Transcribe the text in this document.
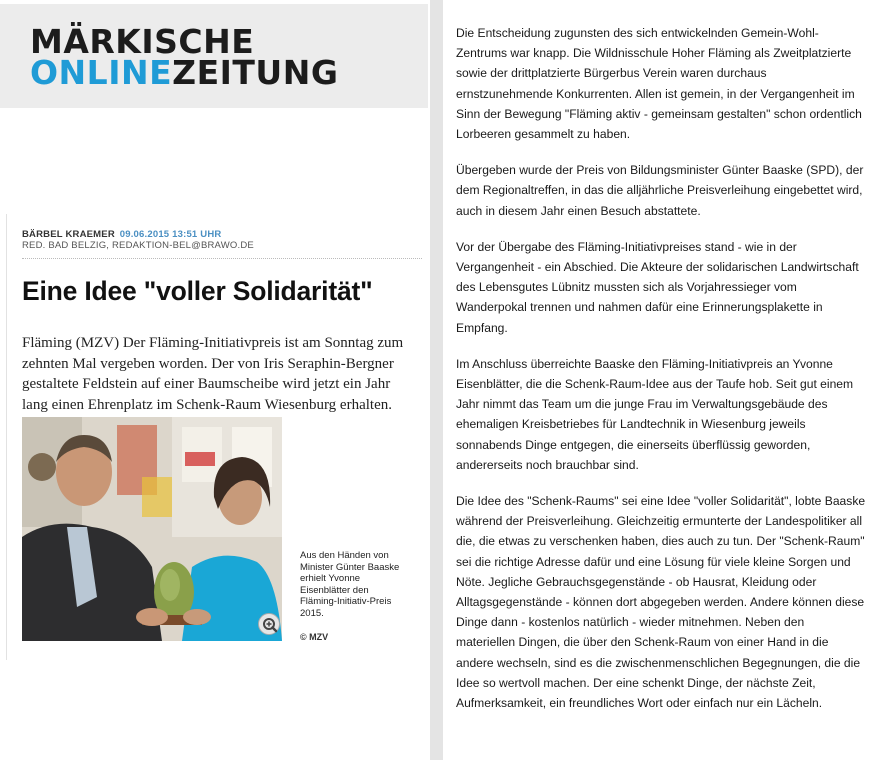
MÄRKISCHE
ONLINEZEITUNG
BÄRBEL KRAEMER 09.06.2015 13:51 UHR
RED. BAD BELZIG, REDAKTION-BEL@BRAWO.DE
Eine Idee "voller Solidarität"
Fläming (MZV) Der Fläming-Initiativpreis ist am Sonntag zum zehnten Mal vergeben worden. Der von Iris Seraphin-Bergner gestaltete Feldstein auf einer Baumscheibe wird jetzt ein Jahr lang einen Ehrenplatz im Schenk-Raum Wiesenburg erhalten.
Aus den Händen von Minister Günter Baaske erhielt Yvonne Eisenblätter den Fläming-Initiativ-Preis 2015.
© MZV

Die Entscheidung zugunsten des sich entwickelnden Gemein-Wohl-Zentrums war knapp. Die Wildnisschule Hoher Fläming als Zweitplatzierte sowie der drittplatzierte Bürgerbus Verein waren durchaus ernstzunehmende Konkurrenten. Allen ist gemein, in der Vergangenheit im Sinn der Bewegung "Fläming aktiv - gemeinsam gestalten" schon ordentlich Lorbeeren gesammelt zu haben.

Übergeben wurde der Preis von Bildungsminister Günter Baaske (SPD), der dem Regionaltreffen, in das die alljährliche Preisverleihung eingebettet wird, auch in diesem Jahr einen Besuch abstattete.

Vor der Übergabe des Fläming-Initiativpreises stand - wie in der Vergangenheit - ein Abschied. Die Akteure der solidarischen Landwirtschaft des Lebensgutes Lübnitz mussten sich als Vorjahressieger vom Wanderpokal trennen und nahmen dafür eine Erinnerungsplakette in Empfang.

Im Anschluss überreichte Baaske den Fläming-Initiativpreis an Yvonne Eisenblätter, die die Schenk-Raum-Idee aus der Taufe hob. Seit gut einem Jahr nimmt das Team um die junge Frau im Verwaltungsgebäude des ehemaligen Kreisbetriebes für Landtechnik in Wiesenburg jeweils sonnabends Dinge entgegen, die einerseits überflüssig geworden, andererseits noch brauchbar sind.

Die Idee des "Schenk-Raums" sei eine Idee "voller Solidarität", lobte Baaske während der Preisverleihung. Gleichzeitig ermunterte der Landespolitiker all die, die etwas zu verschenken haben, dies auch zu tun. Der "Schenk-Raum" sei die richtige Adresse dafür und eine Lösung für viele kleine Sorgen und Nöte. Jegliche Gebrauchsgegenstände - ob Hausrat, Kleidung oder Alltagsgegenstände - können dort abgegeben werden. Andere können diese Dinge dann - kostenlos natürlich - wieder mitnehmen. Neben den materiellen Dingen, die über den Schenk-Raum von einer Hand in die andere wechseln, sind es die zwischenmenschlichen Begegnungen, die die Idee so wertvoll machen. Der eine schenkt Dinge, der nächste Zeit, Aufmerksamkeit, ein freundliches Wort oder einfach nur ein Lächeln.
